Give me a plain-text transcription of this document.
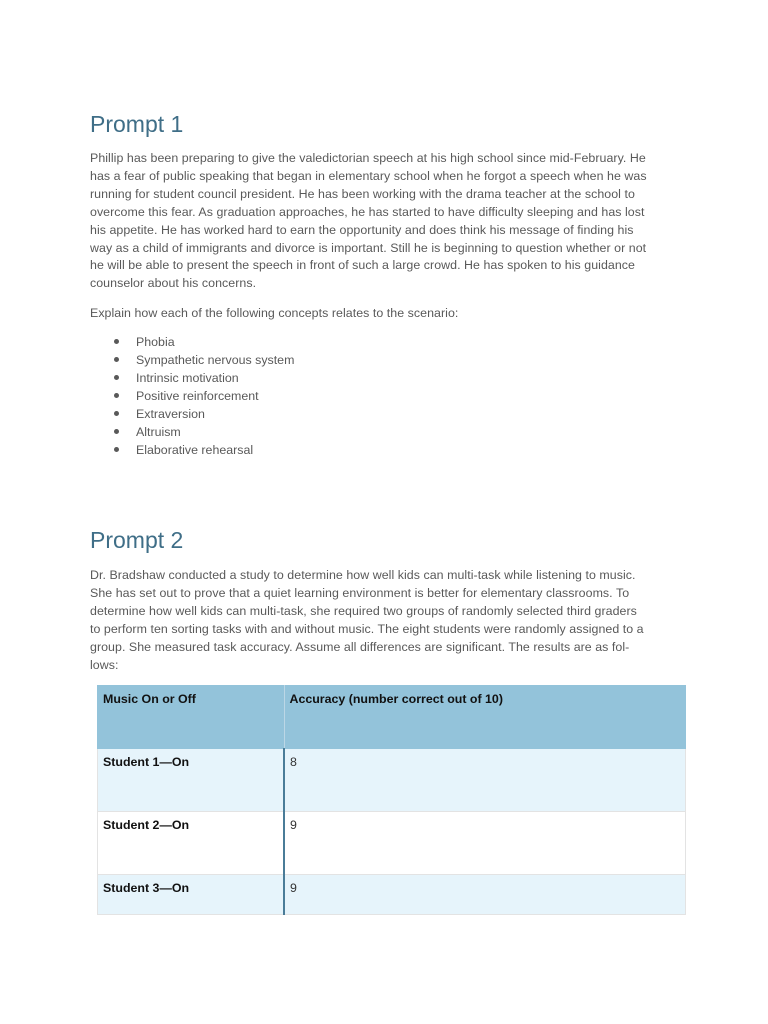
Prompt 1

Phillip has been preparing to give the valedictorian speech at his high school since mid-February. He
has a fear of public speaking that began in elementary school when he forgot a speech when he was
running for student council president. He has been working with the drama teacher at the school to
overcome this fear. As graduation approaches, he has started to have difficulty sleeping and has lost
his appetite. He has worked hard to earn the opportunity and does think his message of finding his
way as a child of immigrants and divorce is important. Still he is beginning to question whether or not
he will be able to present the speech in front of such a large crowd. He has spoken to his guidance
counselor about his concerns.

Explain how each of the following concepts relates to the scenario:

Phobia
Sympathetic nervous system
Intrinsic motivation
Positive reinforcement
Extraversion
Altruism
Elaborative rehearsal
Prompt 2

Dr. Bradshaw conducted a study to determine how well kids can multi-task while listening to music.
She has set out to prove that a quiet learning environment is better for elementary classrooms. To
determine how well kids can multi-task, she required two groups of randomly selected third graders
to perform ten sorting tasks with and without music. The eight students were randomly assigned to a
group. She measured task accuracy. Assume all differences are significant. The results are as fol-
lows:

Music On or Off	Accuracy (number correct out of 10)
Student 1—On	8
Student 2—On	9
Student 3—On	9
